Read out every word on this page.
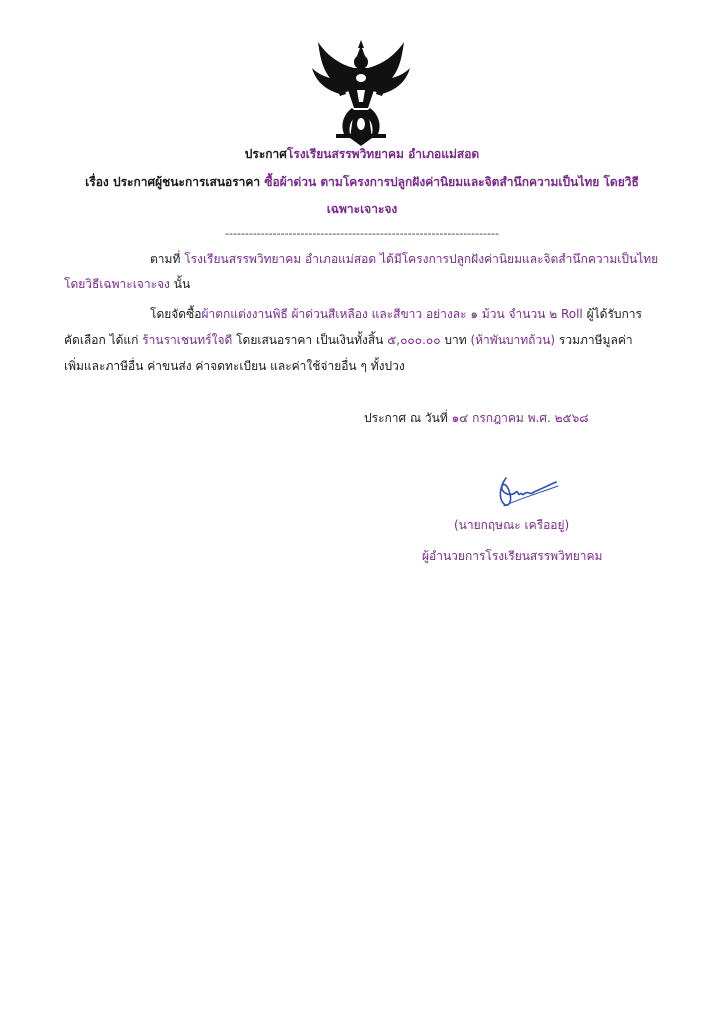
ประกาศโรงเรียนสรรพวิทยาคม อำเภอแม่สอด
เรื่อง ประกาศผู้ชนะการเสนอราคา ซื้อผ้าด่วน ตามโครงการปลูกฝังค่านิยมและจิตสำนึกความเป็นไทย โดยวิธี
เฉพาะเจาะจง
---------------------------------------------------------------------
ตามที่ โรงเรียนสรรพวิทยาคม อำเภอแม่สอด ได้มีโครงการปลูกฝังค่านิยมและจิตสำนึกความเป็นไทย
โดยวิธีเฉพาะเจาะจง นั้น
โดยจัดซื้อผ้าตกแต่งงานพิธี ผ้าด่วนสีเหลือง และสีขาว อย่างละ ๑ ม้วน จำนวน ๒ Roll ผู้ได้รับการ
คัดเลือก ได้แก่ ร้านราเชนทร์ใจดี โดยเสนอราคา เป็นเงินทั้งสิ้น ๕,๐๐๐.๐๐ บาท (ห้าพันบาทถ้วน) รวมภาษีมูลค่า
เพิ่มและภาษีอื่น ค่าขนส่ง ค่าจดทะเบียน และค่าใช้จ่ายอื่น ๆ ทั้งปวง
ประกาศ ณ วันที่ ๑๔ กรกฎาคม พ.ศ. ๒๕๖๘
(นายกฤษณะ เครืออยู่)
ผู้อำนวยการโรงเรียนสรรพวิทยาคม
